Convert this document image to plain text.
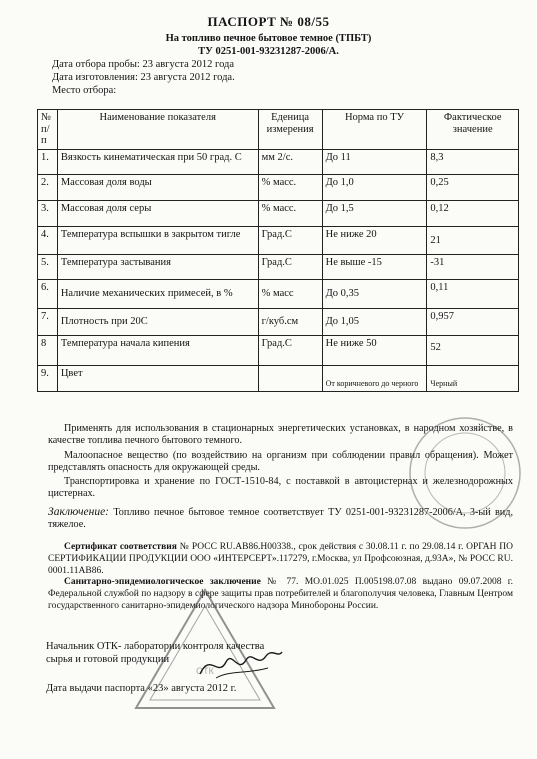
ПАСПОРТ № 08/55
На топливо печное бытовое темное (ТПБТ)
ТУ 0251-001-93231287-2006/А.
Дата отбора пробы: 23 августа 2012 года
Дата изготовления: 23 августа 2012 года.
Место отбора:
№ п/ п	Наименование показателя	Еденица измерения	Норма по ТУ	Фактическое значение
1.	Вязкость кинематическая при 50 град. С	мм 2/с.	До 11	8,3
2.	Массовая доля воды	% масс.	До 1,0	0,25
3.	Массовая доля серы	% масс.	До 1,5	0,12
4.	Температура вспышки в закрытом тигле	Град.С	Не ниже 20	21
5.	Температура застывания	Град.С	Не выше -15	-31
6.	Наличие механических примесей, в %	% масс	До 0,35	0,11
7.	Плотность при 20С	г/куб.см	До 1,05	0,957
8	Температура начала кипения	Град.С	Не ниже 50	52
9.	Цвет		От коричневого до черного	Черный
Применять для использования в стационарных энергетических установках, в народном хозяйстве, в качестве топлива печного бытового темного.
Малоопасное вещество (по воздействию на организм при соблюдении правил обращения). Может представлять опасность для окружающей среды.
Транспортировка и хранение по ГОСТ-1510-84, с поставкой в автоцистернах и железнодорожных цистернах.
Заключение: Топливо печное бытовое темное соответствует ТУ 0251-001-93231287-2006/А, 3-ый вид, тяжелое.
Сертификат соответствия № РОСС RU.AB86.H00338., срок действия с 30.08.11 г. по 29.08.14 г. ОРГАН ПО СЕРТИФИКАЦИИ ПРОДУКЦИИ ООО «ИНТЕРСЕРТ».117279, г.Москва, ул Профсоюзная, д.93А», № РОСС RU. 0001.11АВ86.
Санитарно-эпидемиологическое заключение № 77. МО.01.025 П.005198.07.08 выдано 09.07.2008 г. Федеральной службой по надзору в сфере защиты прав потребителей и благополучия человека, Главным Центром государственного санитарно-эпидемиологического надзора Минобороны России.
Начальник ОТК- лаборатории контроля качества
сырья и готовой продукции
Дата выдачи паспорта «23» августа 2012 г.
ОТК
